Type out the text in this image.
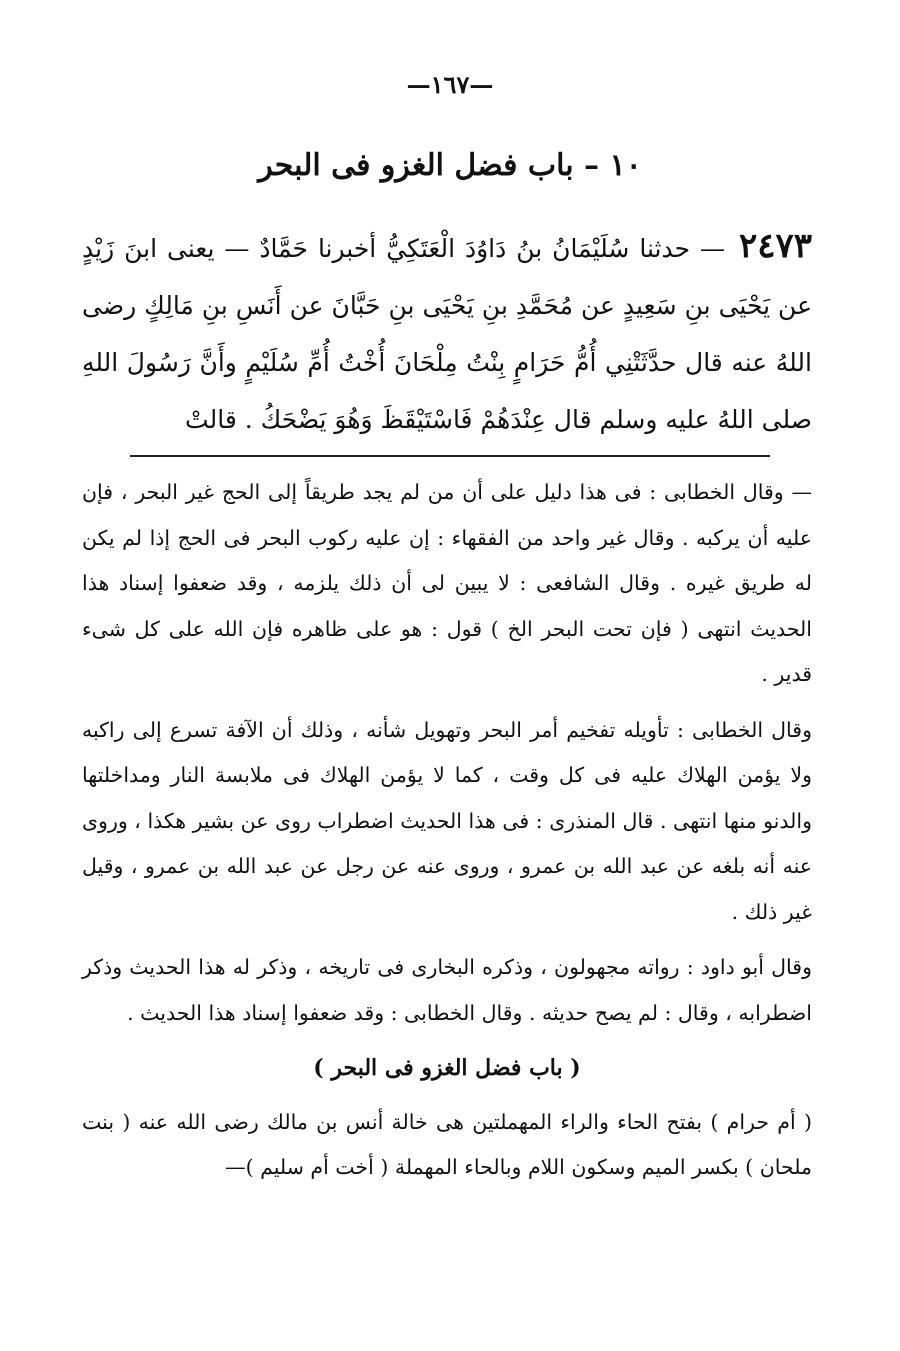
—١٦٧—
١٠ – باب فضل الغزو فى البحر
٢٤٧٣ — حدثنا سُلَيْمَانُ بنُ دَاوُدَ الْعَتَكِيُّ أخبرنا حَمَّادٌ — يعنى ابنَ زَيْدٍ عن يَحْيَى بنِ سَعِيدٍ عن مُحَمَّدِ بنِ يَحْيَى بنِ حَبَّانَ عن أَنَسِ بنِ مَالِكٍ رضى اللهُ عنه قال حدَّثَتْنِي أُمُّ حَرَامٍ بِنْتُ مِلْحَانَ أُخْتُ أُمِّ سُلَيْمٍ وأَنَّ رَسُولَ اللهِ صلى اللهُ عليه وسلم قال عِنْدَهُمْ فَاسْتَيْقَظَ وَهُوَ يَضْحَكُ . قالتْ

— وقال الخطابى : فى هذا دليل على أن من لم يجد طريقاً إلى الحج غير البحر ، فإن عليه أن يركبه . وقال غير واحد من الفقهاء : إن عليه ركوب البحر فى الحج إذا لم يكن له طريق غيره . وقال الشافعى : لا يبين لى أن ذلك يلزمه ، وقد ضعفوا إسناد هذا الحديث انتهى ( فإن تحت البحر الخ ) قول : هو على ظاهره فإن الله على كل شىء قدير .

وقال الخطابى : تأويله تفخيم أمر البحر وتهويل شأنه ، وذلك أن الآفة تسرع إلى راكبه ولا يؤمن الهلاك عليه فى كل وقت ، كما لا يؤمن الهلاك فى ملابسة النار ومداخلتها والدنو منها انتهى . قال المنذرى : فى هذا الحديث اضطراب روى عن بشير هكذا ، وروى عنه أنه بلغه عن عبد الله بن عمرو ، وروى عنه عن رجل عن عبد الله بن عمرو ، وقيل غير ذلك .

وقال أبو داود : رواته مجهولون ، وذكره البخارى فى تاريخه ، وذكر له هذا الحديث وذكر اضطرابه ، وقال : لم يصح حديثه . وقال الخطابى : وقد ضعفوا إسناد هذا الحديث .

( باب فضل الغزو فى البحر )

( أم حرام ) بفتح الحاء والراء المهملتين هى خالة أنس بن مالك رضى الله عنه ( بنت ملحان ) بكسر الميم وسكون اللام وبالحاء المهملة ( أخت أم سليم )—
